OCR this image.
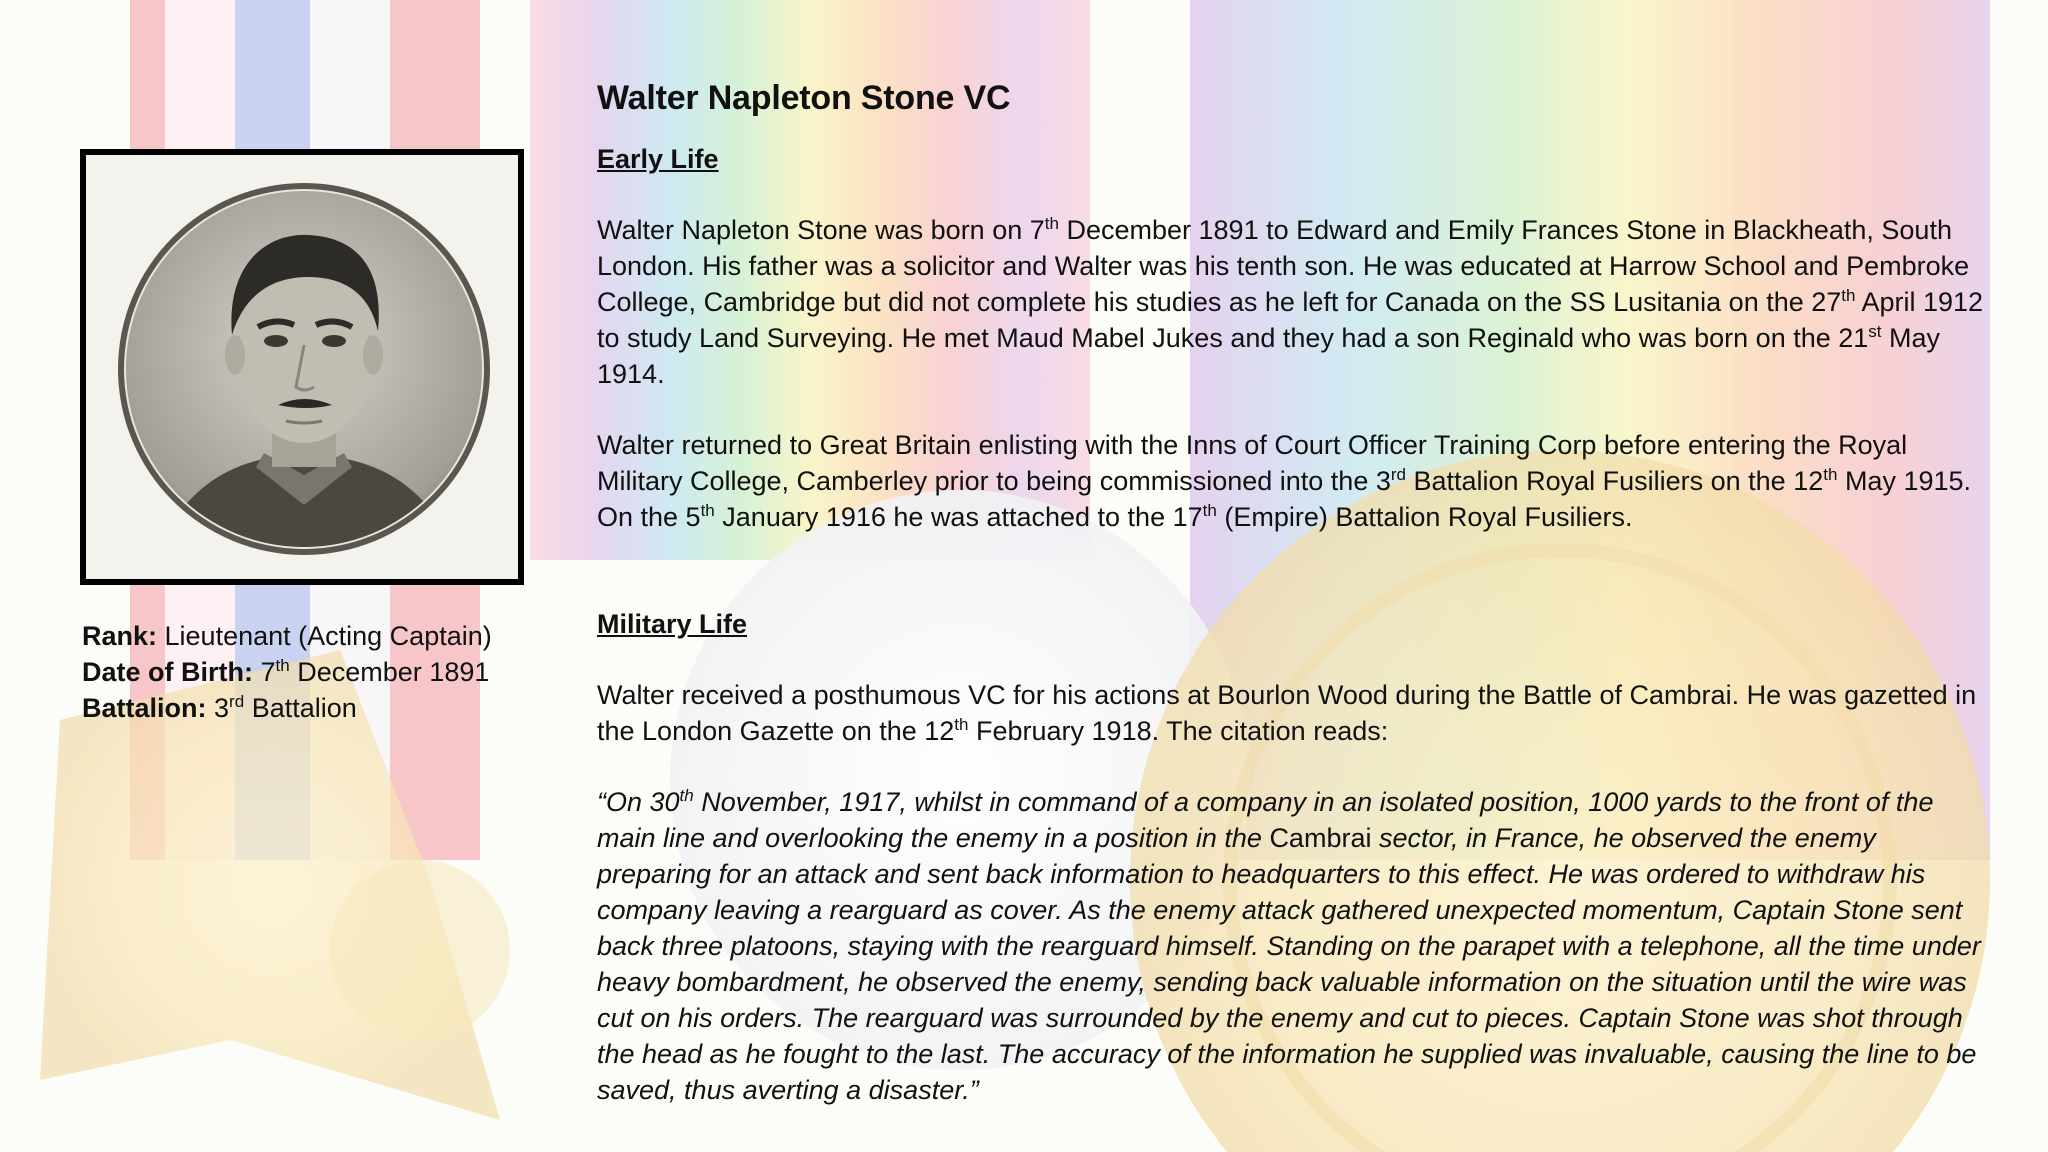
Rank: Lieutenant (Acting Captain)
Date of Birth: 7th December 1891
Battalion: 3rd Battalion
Walter Napleton Stone VC
Early Life

Walter Napleton Stone was born on 7th December 1891 to Edward and Emily Frances Stone in Blackheath, South London. His father was a solicitor and Walter was his tenth son. He was educated at Harrow School and Pembroke College, Cambridge but did not complete his studies as he left for Canada on the SS Lusitania on the 27th April 1912 to study Land Surveying. He met Maud Mabel Jukes and they had a son Reginald who was born on the 21st May 1914.

Walter returned to Great Britain enlisting with the Inns of Court Officer Training Corp before entering the Royal Military College, Camberley prior to being commissioned into the 3rd Battalion Royal Fusiliers on the 12th May 1915. On the 5th January 1916 he was attached to the 17th (Empire) Battalion Royal Fusiliers.

Military Life

Walter received a posthumous VC for his actions at Bourlon Wood during the Battle of Cambrai. He was gazetted in the London Gazette on the 12th February 1918. The citation reads:

“On 30th November, 1917, whilst in command of a company in an isolated position, 1000 yards to the front of the main line and overlooking the enemy in a position in the Cambrai sector, in France, he observed the enemy preparing for an attack and sent back information to headquarters to this effect. He was ordered to withdraw his company leaving a rearguard as cover. As the enemy attack gathered unexpected momentum, Captain Stone sent back three platoons, staying with the rearguard himself. Standing on the parapet with a telephone, all the time under heavy bombardment, he observed the enemy, sending back valuable information on the situation until the wire was cut on his orders. The rearguard was surrounded by the enemy and cut to pieces. Captain Stone was shot through the head as he fought to the last. The accuracy of the information he supplied was invaluable, causing the line to be saved, thus averting a disaster.”
